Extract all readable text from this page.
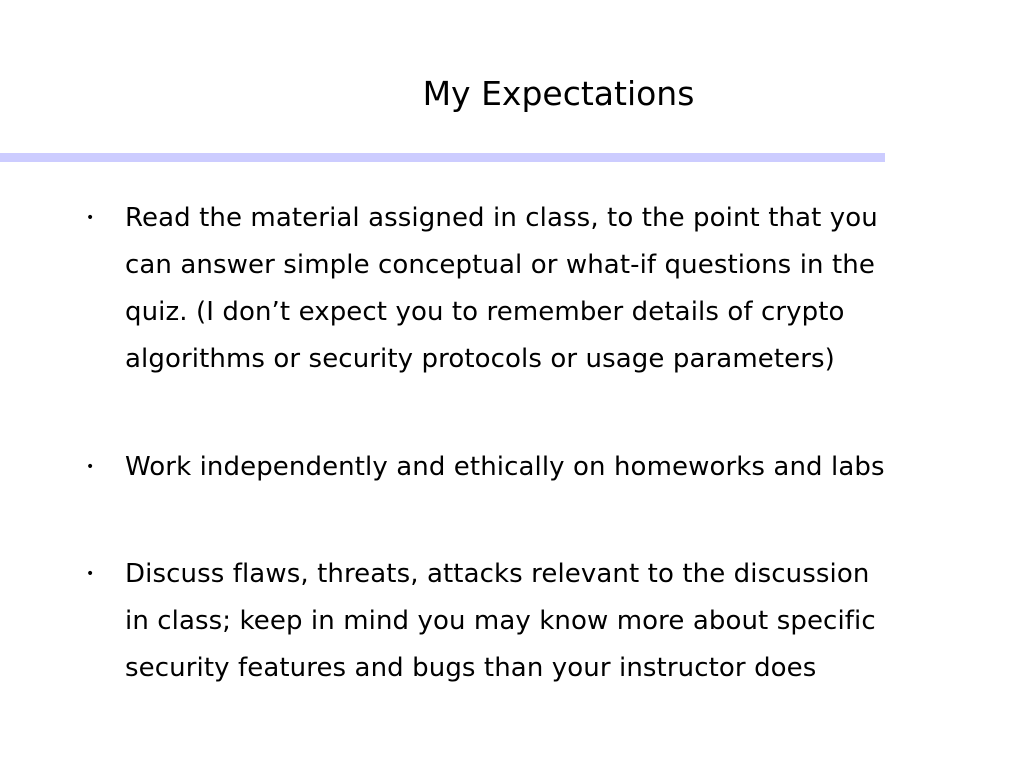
My Expectations
• Read the material assigned in class, to the point that you
can answer simple conceptual or what-if questions in the
quiz. (I don’t expect you to remember details of crypto
algorithms or security protocols or usage parameters)
• Work independently and ethically on homeworks and labs
• Discuss flaws, threats, attacks relevant to the discussion
in class; keep in mind you may know more about specific
security features and bugs than your instructor does
